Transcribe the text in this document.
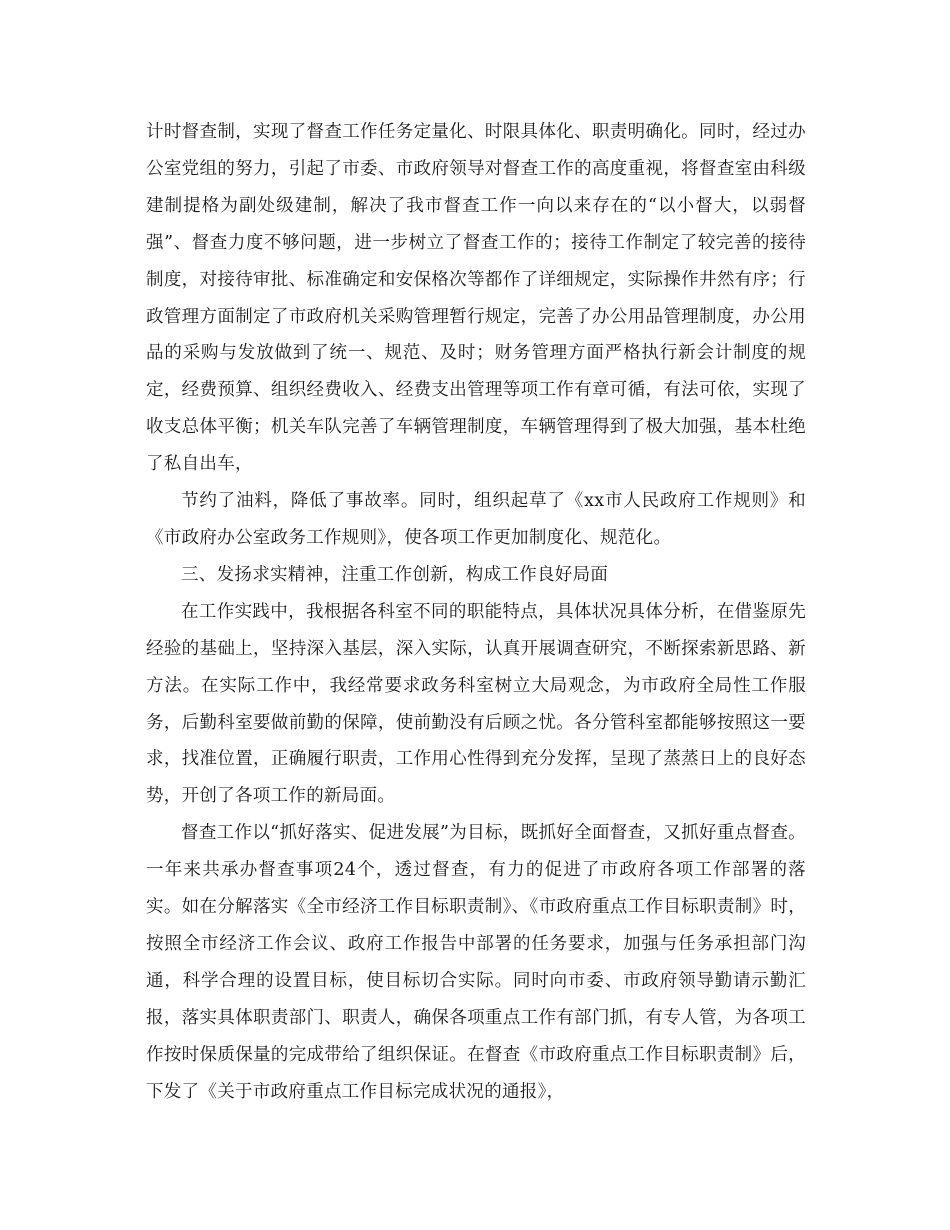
计时督查制，实现了督查工作任务定量化、时限具体化、职责明确化。同时，经过办公室党组的努力，引起了市委、市政府领导对督查工作的高度重视，将督查室由科级建制提格为副处级建制，解决了我市督查工作一向以来存在的“以小督大，以弱督强”、督查力度不够问题，进一步树立了督查工作的；接待工作制定了较完善的接待制度，对接待审批、标准确定和安保格次等都作了详细规定，实际操作井然有序；行政管理方面制定了市政府机关采购管理暂行规定，完善了办公用品管理制度，办公用品的采购与发放做到了统一、规范、及时；财务管理方面严格执行新会计制度的规定，经费预算、组织经费收入、经费支出管理等项工作有章可循，有法可依，实现了收支总体平衡；机关车队完善了车辆管理制度，车辆管理得到了极大加强，基本杜绝了私自出车，

节约了油料，降低了事故率。同时，组织起草了《xx市人民政府工作规则》和《市政府办公室政务工作规则》，使各项工作更加制度化、规范化。

三、发扬求实精神，注重工作创新，构成工作良好局面

在工作实践中，我根据各科室不同的职能特点，具体状况具体分析，在借鉴原先经验的基础上，坚持深入基层，深入实际，认真开展调查研究，不断探索新思路、新方法。在实际工作中，我经常要求政务科室树立大局观念，为市政府全局性工作服务，后勤科室要做前勤的保障，使前勤没有后顾之忧。各分管科室都能够按照这一要求，找准位置，正确履行职责，工作用心性得到充分发挥，呈现了蒸蒸日上的良好态势，开创了各项工作的新局面。

督查工作以“抓好落实、促进发展”为目标，既抓好全面督查，又抓好重点督查。一年来共承办督查事项24个，透过督查，有力的促进了市政府各项工作部署的落实。如在分解落实《全市经济工作目标职责制》、《市政府重点工作目标职责制》时，按照全市经济工作会议、政府工作报告中部署的任务要求，加强与任务承担部门沟通，科学合理的设置目标，使目标切合实际。同时向市委、市政府领导勤请示勤汇报，落实具体职责部门、职责人，确保各项重点工作有部门抓，有专人管，为各项工作按时保质保量的完成带给了组织保证。在督查《市政府重点工作目标职责制》后，下发了《关于市政府重点工作目标完成状况的通报》，
